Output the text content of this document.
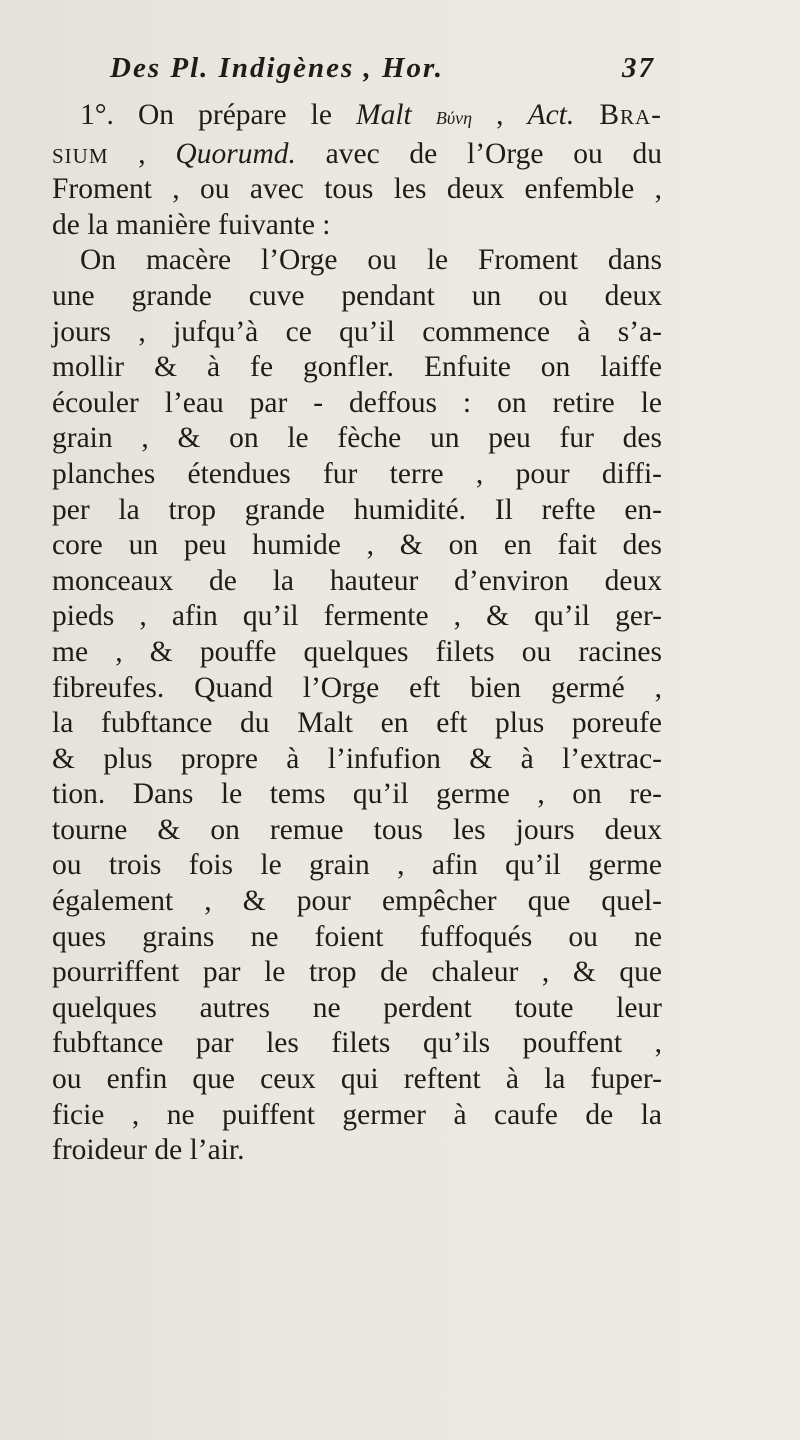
Des Pl. Indigènes , Hor.	37
1°. On prépare le Malt Bύνη , Act. Bra-
sium , Quorumd. avec de l’Orge ou du
Froment , ou avec tous les deux enfemble ,
de la manière fuivante :
On macère l’Orge ou le Froment dans
une grande cuve pendant un ou deux
jours , jufqu’à ce qu’il commence à s’a-
mollir & à fe gonfler. Enfuite on laiffe
écouler l’eau par - deffous : on retire le
grain , & on le fèche un peu fur des
planches étendues fur terre , pour diffi-
per la trop grande humidité. Il refte en-
core un peu humide , & on en fait des
monceaux de la hauteur d’environ deux
pieds , afin qu’il fermente , & qu’il ger-
me , & pouffe quelques filets ou racines
fibreufes. Quand l’Orge eft bien germé ,
la fubftance du Malt en eft plus poreufe
& plus propre à l’infufion & à l’extrac-
tion. Dans le tems qu’il germe , on re-
tourne & on remue tous les jours deux
ou trois fois le grain , afin qu’il germe
également , & pour empêcher que quel-
ques grains ne foient fuffoqués ou ne
pourriffent par le trop de chaleur , & que
quelques autres ne perdent toute leur
fubftance par les filets qu’ils pouffent ,
ou enfin que ceux qui reftent à la fuper-
ficie , ne puiffent germer à caufe de la
froideur de l’air.
